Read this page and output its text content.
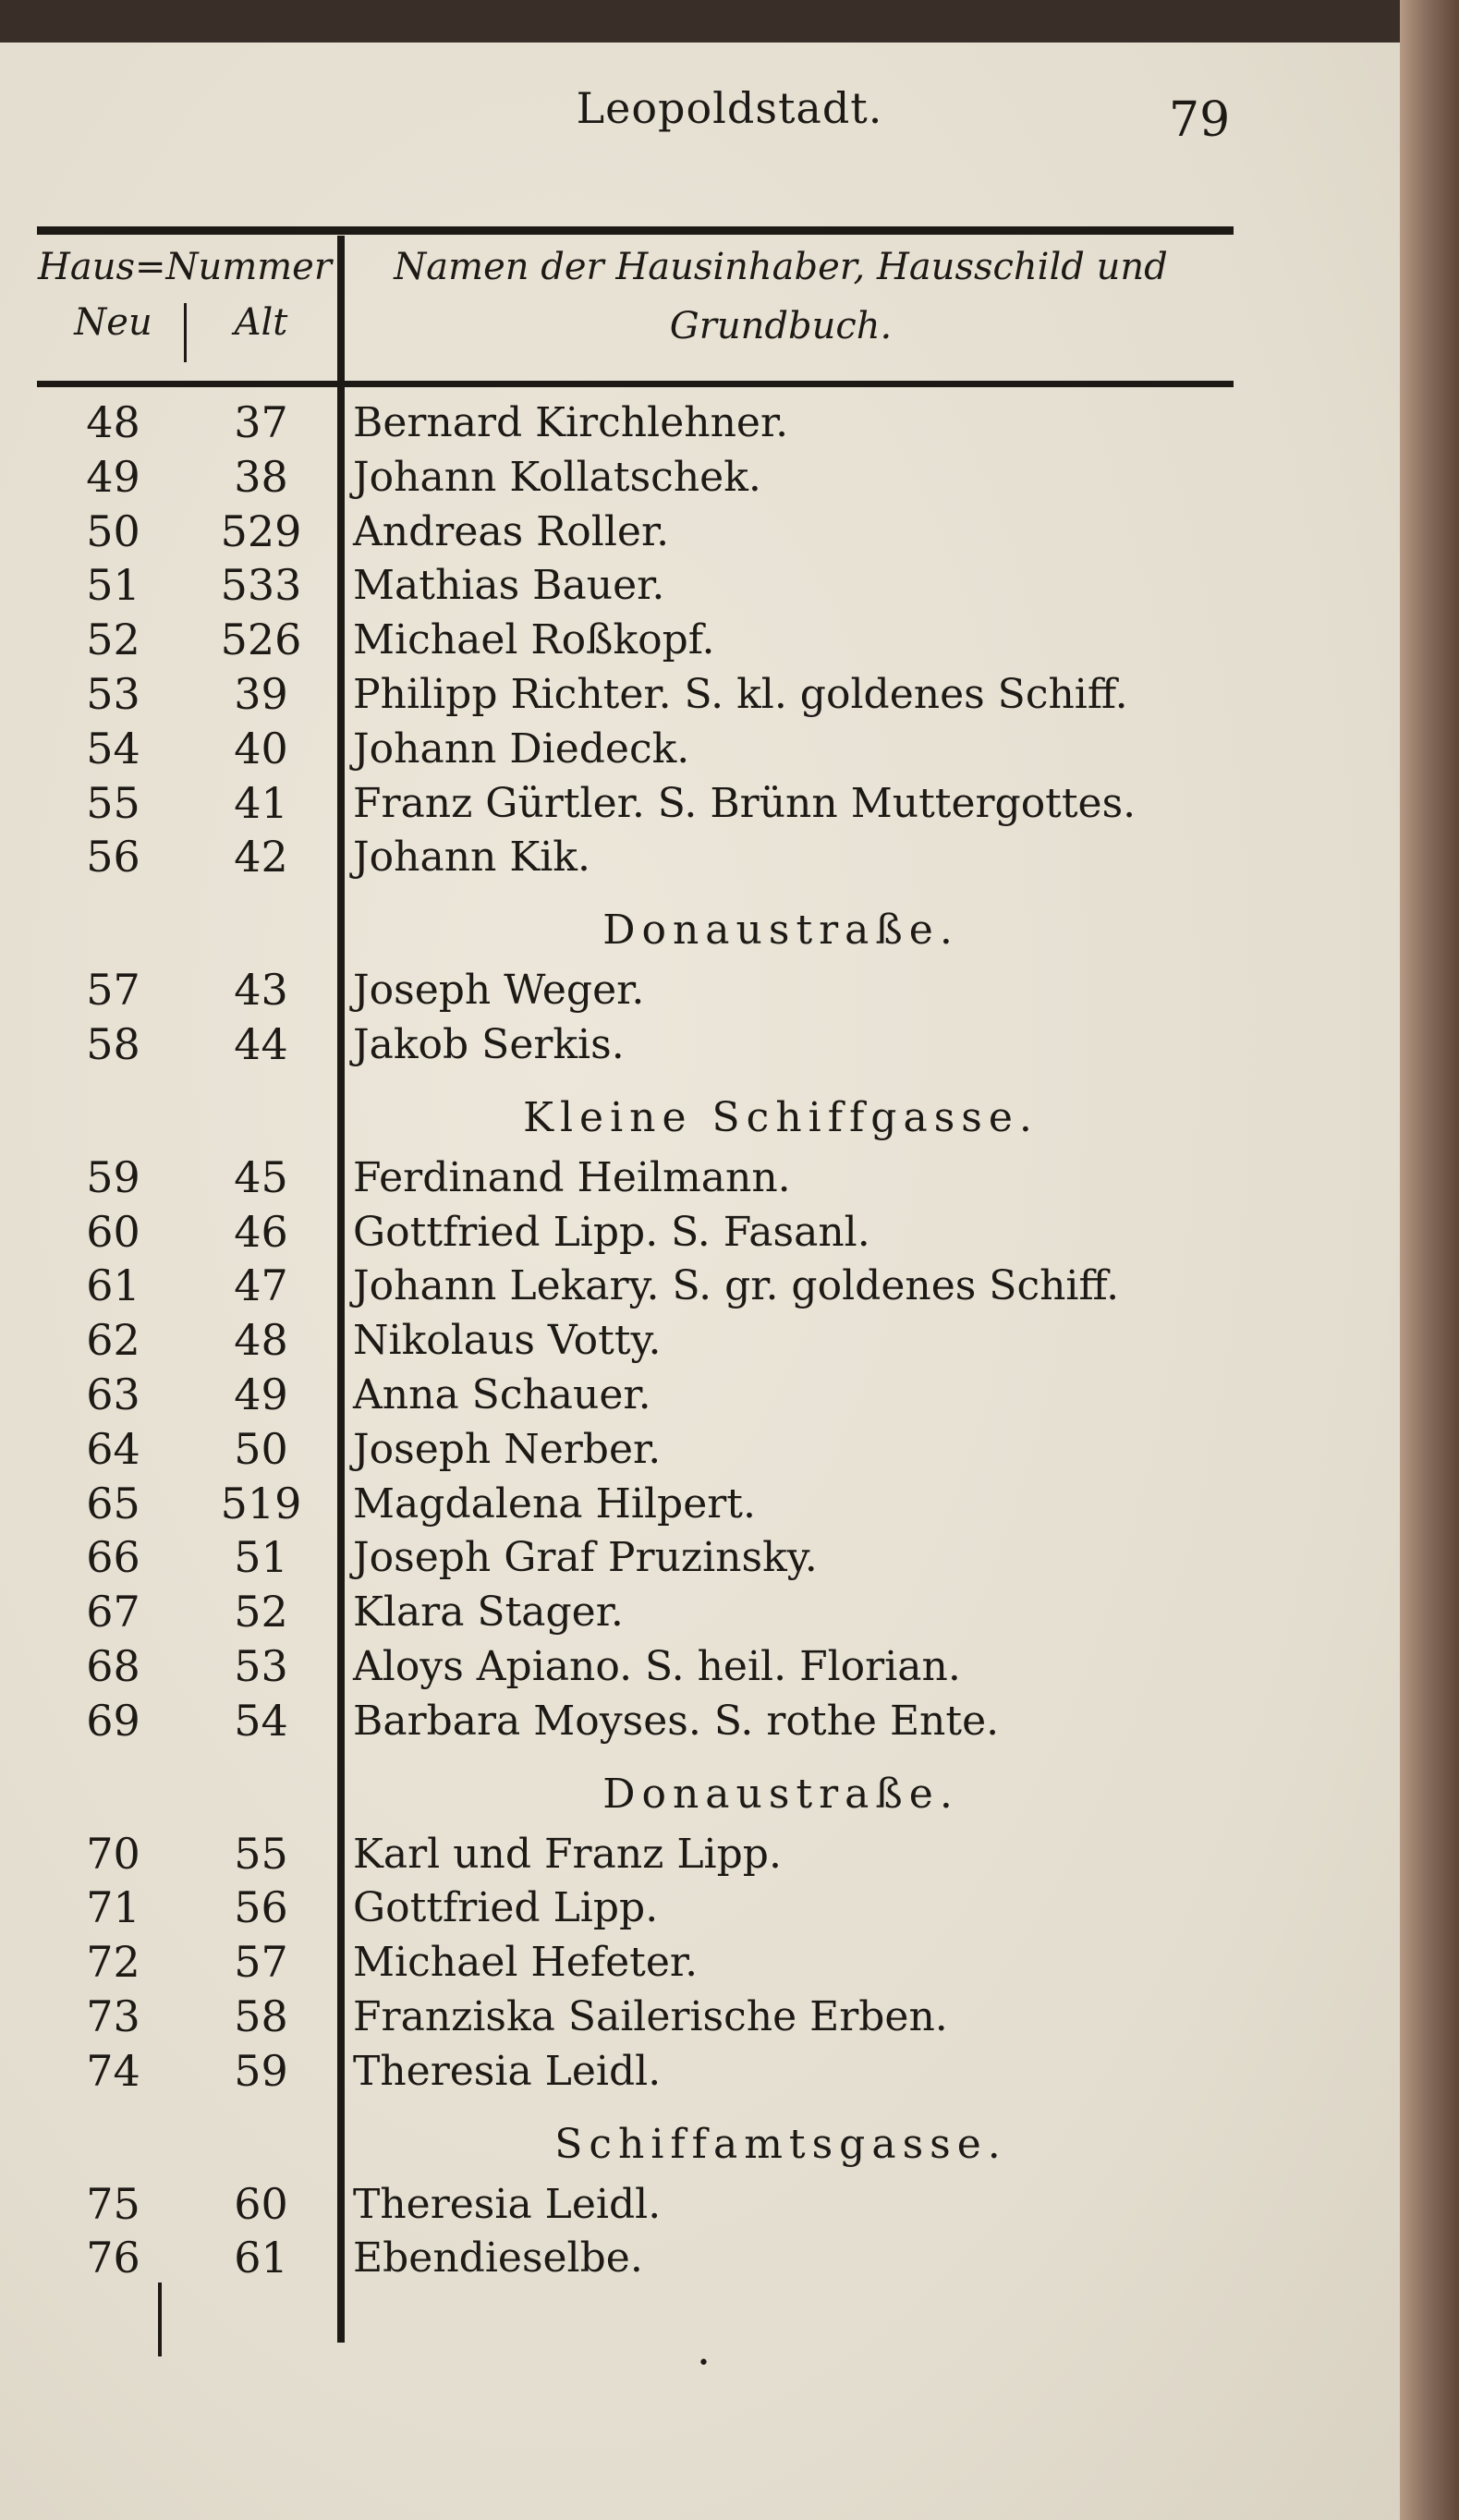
Leopoldstadt.	79
Haus=Nummer
Neu	Alt
Namen der Hausinhaber, Hausschild und
Grundbuch.
48	37	Bernard Kirchlehner.
49	38	Johann Kollatschek.
50	529	Andreas Roller.
51	533	Mathias Bauer.
52	526	Michael Roßkopf.
53	39	Philipp Richter. S. kl. goldenes Schiff.
54	40	Johann Diedeck.
55	41	Franz Gürtler. S. Brünn Muttergottes.
56	42	Johann Kik.
Donaustraße.
57	43	Joseph Weger.
58	44	Jakob Serkis.
Kleine Schiffgasse.
59	45	Ferdinand Heilmann.
60	46	Gottfried Lipp. S. Fasanl.
61	47	Johann Lekary. S. gr. goldenes Schiff.
62	48	Nikolaus Votty.
63	49	Anna Schauer.
64	50	Joseph Nerber.
65	519	Magdalena Hilpert.
66	51	Joseph Graf Pruzinsky.
67	52	Klara Stager.
68	53	Aloys Apiano. S. heil. Florian.
69	54	Barbara Moyses. S. rothe Ente.
Donaustraße.
70	55	Karl und Franz Lipp.
71	56	Gottfried Lipp.
72	57	Michael Hefeter.
73	58	Franziska Sailerische Erben.
74	59	Theresia Leidl.
Schiffamtsgasse.
75	60	Theresia Leidl.
76	61	Ebendieselbe.
•
